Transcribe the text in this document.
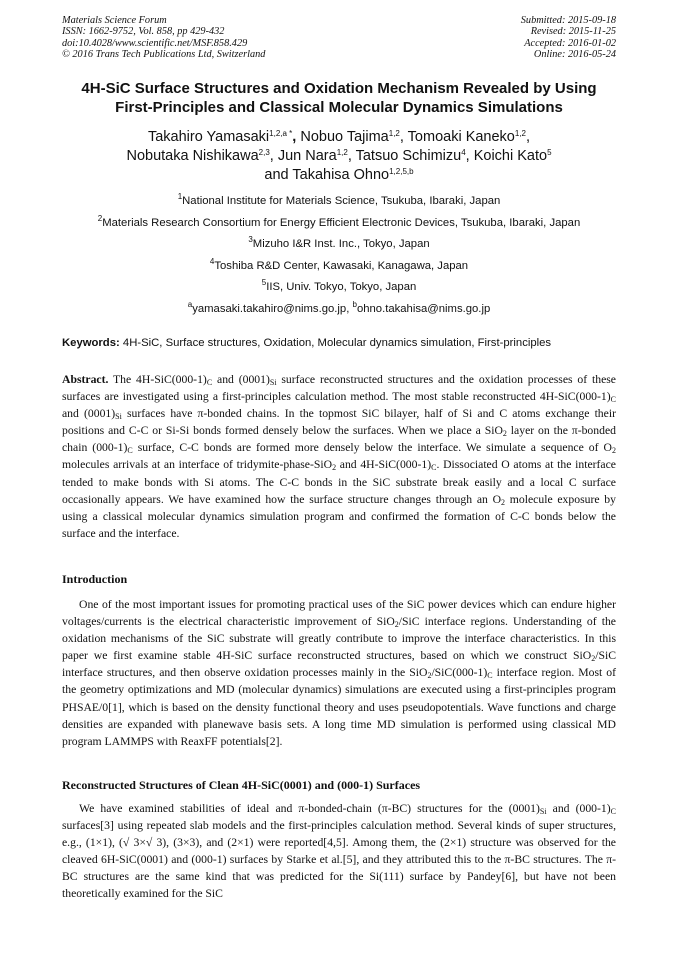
Materials Science Forum
ISSN: 1662-9752, Vol. 858, pp 429-432
doi:10.4028/www.scientific.net/MSF.858.429
© 2016 Trans Tech Publications Ltd, Switzerland
Submitted: 2015-09-18
Revised: 2015-11-25
Accepted: 2016-01-02
Online: 2016-05-24
4H-SiC Surface Structures and Oxidation Mechanism Revealed by Using
First-Principles and Classical Molecular Dynamics Simulations
Takahiro Yamasaki$^{1,2,a *}$, Nobuo Tajima$^{1,2}$, Tomoaki Kaneko$^{1,2}$,
Nobutaka Nishikawa$^{2,3}$, Jun Nara$^{1,2}$, Tatsuo Schimizu$^4$, Koichi Kato$^5$
and Takahisa Ohno$^{1,2,5,b}$
$^1$National Institute for Materials Science, Tsukuba, Ibaraki, Japan
$^2$Materials Research Consortium for Energy Efficient Electronic Devices, Tsukuba, Ibaraki, Japan
$^3$Mizuho I&R Inst. Inc., Tokyo, Japan
$^4$Toshiba R&D Center, Kawasaki, Kanagawa, Japan
$^5$IIS, Univ. Tokyo, Tokyo, Japan
$^a$yamasaki.takahiro@nims.go.jp, $^b$ohno.takahisa@nims.go.jp
Keywords: 4H-SiC, Surface structures, Oxidation, Molecular dynamics simulation, First-principles
Abstract. The $4H-SiC(000-1)_C$ and $(0001)_{Si}$ surface reconstructed structures and the oxidation processes of these surfaces are investigated using a first-principles calculation method. The most stable reconstructed $4H-SiC(000-1)_C$ and $(0001)_{Si}$ surfaces have π-bonded chains. In the topmost SiC bilayer, half of Si and C atoms exchange their positions and C-C or Si-Si bonds formed densely below the surfaces. When we place a SiO$_2$ layer on the π-bonded chain $(000-1)_C$ surface, C-C bonds are formed more densely below the interface. We simulate a sequence of $O_2$ molecules arrivals at an interface of tridymite-phase-SiO$_2$ and $4H-SiC(000-1)_C$. Dissociated O atoms at the interface tended to make bonds with Si atoms. The C-C bonds in the SiC substrate break easily and a local C surface occasionally appears. We have examined how the surface structure changes through an $O_2$ molecule exposure by using a classical molecular dynamics simulation program and confirmed the formation of C-C bonds below the surface and the interface.
Introduction
One of the most important issues for promoting practical uses of the SiC power devices which can endure higher voltages/currents is the electrical characteristic improvement of SiO$_2$/SiC interface regions. Understanding of the oxidation mechanisms of the SiC substrate will greatly contribute to improve the interface characteristics. In this paper we first examine stable 4H-SiC surface reconstructed structures, based on which we construct SiO$_2$/SiC interface structures, and then observe oxidation processes mainly in the $SiO_2/SiC(000-1)_C$ interface region. Most of the geometry optimizations and MD (molecular dynamics) simulations are executed using a first-principles program PHSAE/0[1], which is based on the density functional theory and uses pseudopotentials. Wave functions and charge densities are expanded with planewave basis sets. A long time MD simulation is performed using classical MD program LAMMPS with ReaxFF potentials[2].
Reconstructed Structures of Clean 4H-SiC(0001) and (000-1) Surfaces
We have examined stabilities of ideal and π-bonded-chain (π-BC) structures for the $(0001)_{Si}$ and $(000-1)_C$ surfaces[3] using repeated slab models and the first-principles calculation method. Several kinds of super structures, e.g., (1×1), (√ 3×√ 3), (3×3), and (2×1) were reported[4,5]. Among them, the (2×1) structure was observed for the cleaved 6H-SiC(0001) and (000-1) surfaces by Starke et al.[5], and they attributed this to the π-BC structures. The π-BC structures are the same kind that was predicted for the Si(111) surface by Pandey[6], but have not been theoretically examined for the SiC
